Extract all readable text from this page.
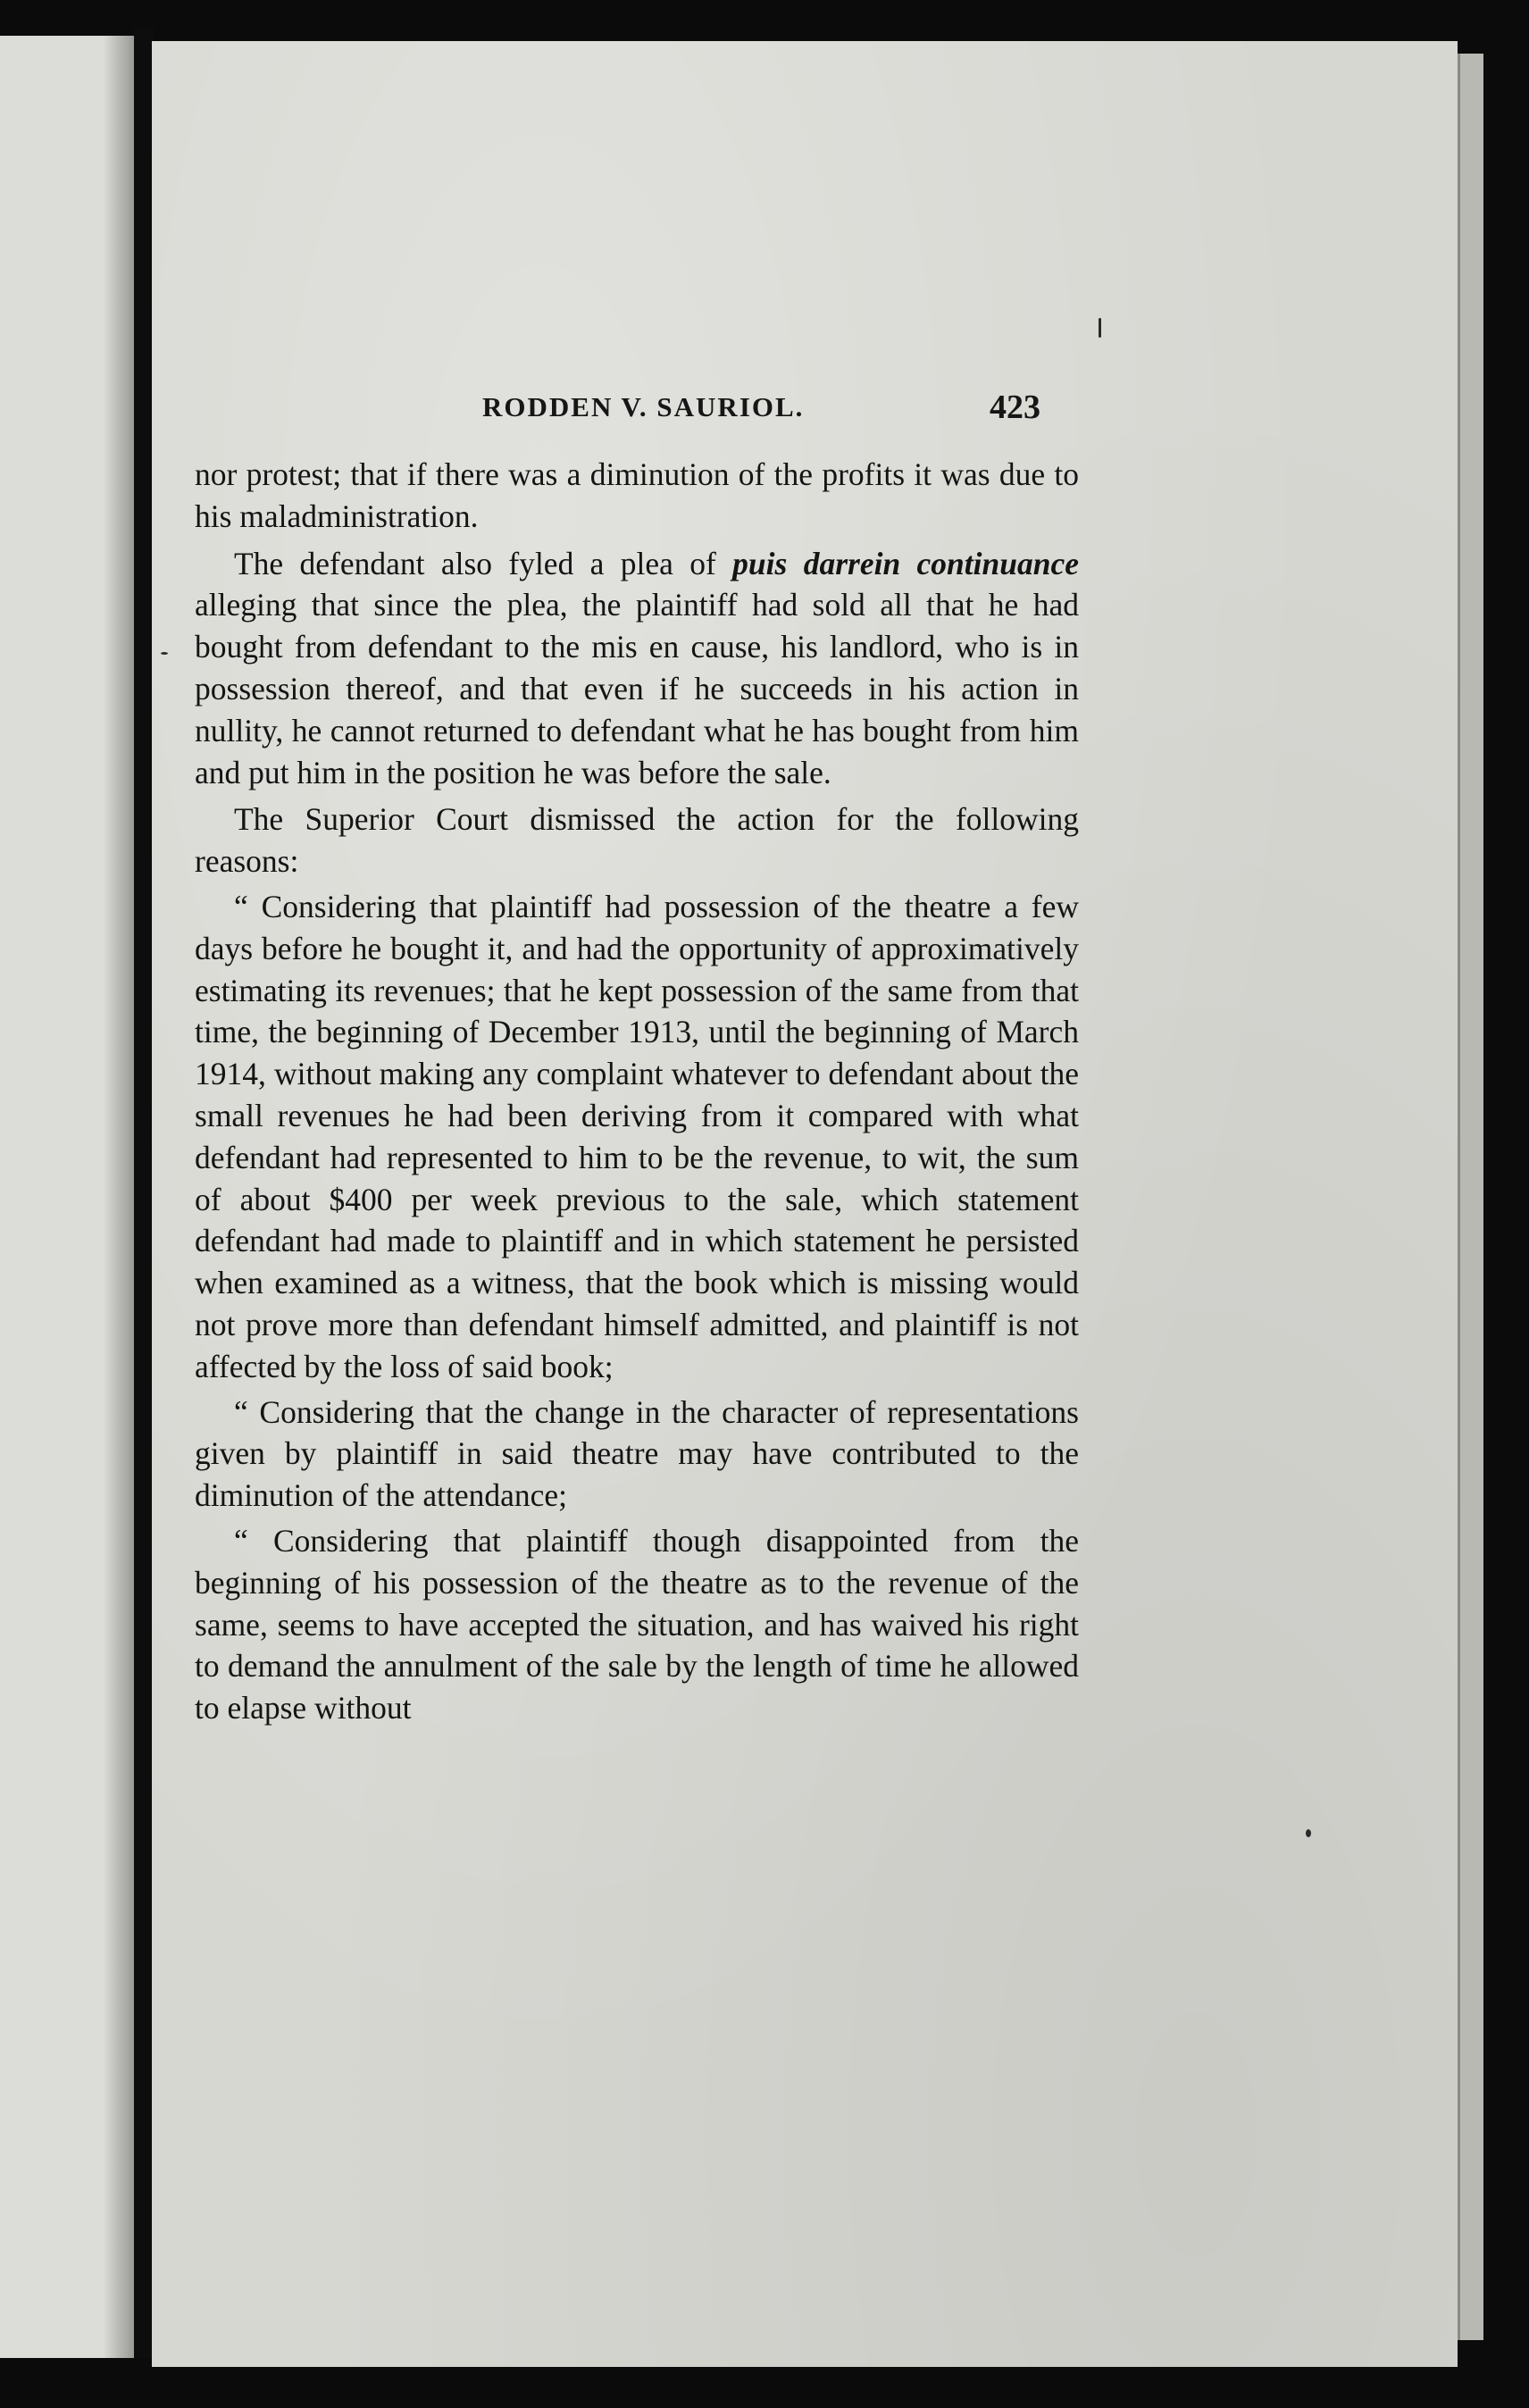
RODDEN V. SAURIOL.	423

nor protest; that if there was a diminution of the profits it was due to his maladministration.

The defendant also fyled a plea of puis darrein continuance alleging that since the plea, the plaintiff had sold all that he had bought from defendant to the mis en cause, his landlord, who is in possession thereof, and that even if he succeeds in his action in nullity, he cannot returned to defendant what he has bought from him and put him in the position he was before the sale.

The Superior Court dismissed the action for the following reasons:

“ Considering that plaintiff had possession of the theatre a few days before he bought it, and had the opportunity of approximatively estimating its revenues; that he kept possession of the same from that time, the beginning of December 1913, until the beginning of March 1914, without making any complaint whatever to defendant about the small revenues he had been deriving from it compared with what defendant had represented to him to be the revenue, to wit, the sum of about $400 per week previous to the sale, which statement defendant had made to plaintiff and in which statement he persisted when examined as a witness, that the book which is missing would not prove more than defendant himself admitted, and plaintiff is not affected by the loss of said book;

“ Considering that the change in the character of representations given by plaintiff in said theatre may have contributed to the diminution of the attendance;

“ Considering that plaintiff though disappointed from the beginning of his possession of the theatre as to the revenue of the same, seems to have accepted the situation, and has waived his right to demand the annulment of the sale by the length of time he allowed to elapse without
